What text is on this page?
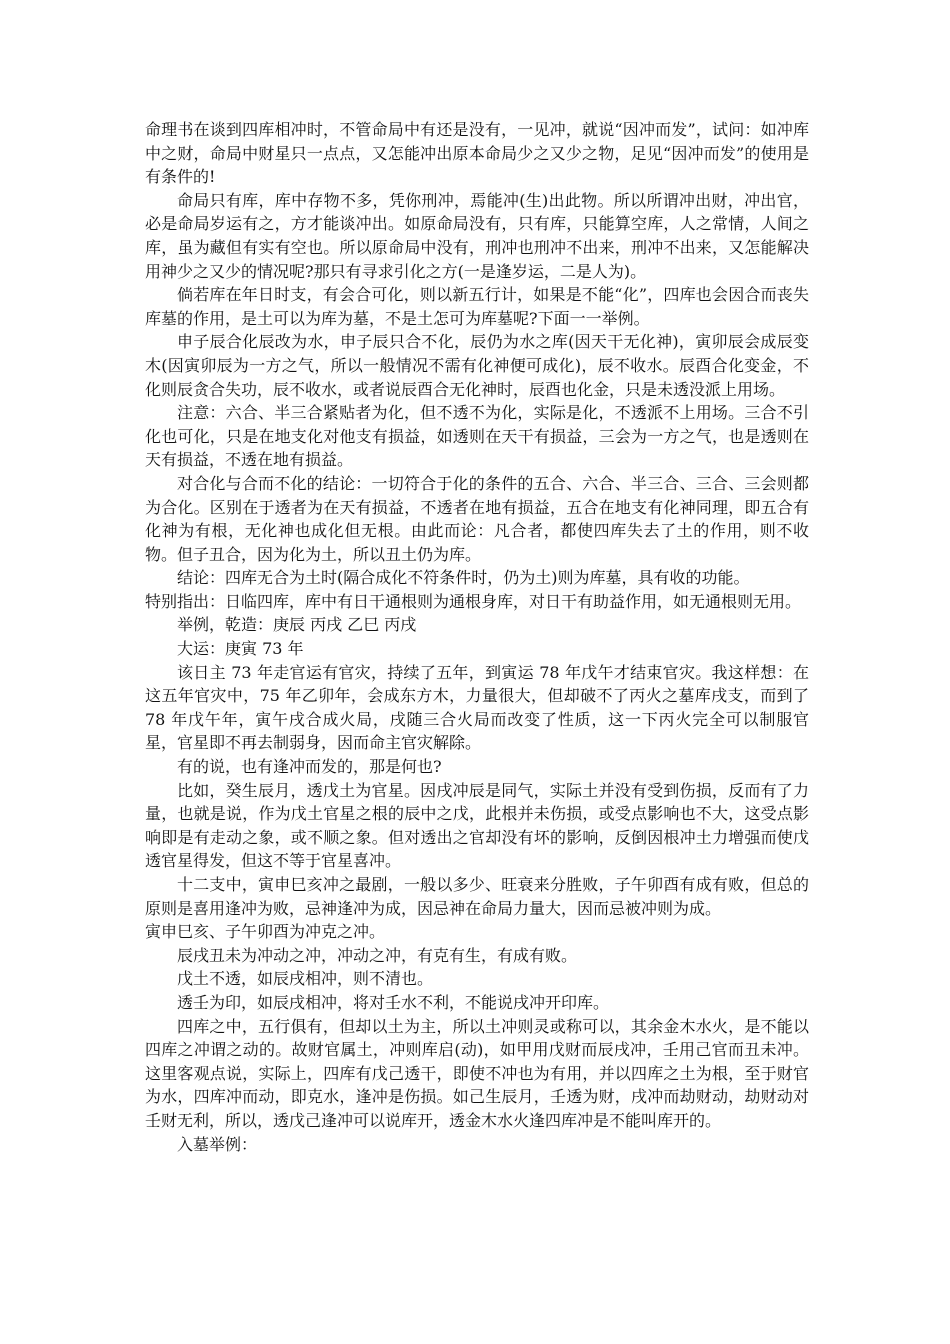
命理书在谈到四库相冲时，不管命局中有还是没有，一见冲，就说“因冲而发”，试问：如冲库中之财，命局中财星只一点点，又怎能冲出原本命局少之又少之物，足见“因冲而发”的使用是有条件的!

命局只有库，库中存物不多，凭你刑冲，焉能冲(生)出此物。所以所谓冲出财，冲出官，必是命局岁运有之，方才能谈冲出。如原命局没有，只有库，只能算空库，人之常情，人间之库，虽为藏但有实有空也。所以原命局中没有，刑冲也刑冲不出来，刑冲不出来，又怎能解决用神少之又少的情况呢?那只有寻求引化之方(一是逢岁运，二是人为)。

倘若库在年日时支，有会合可化，则以新五行计，如果是不能“化”，四库也会因合而丧失库墓的作用，是土可以为库为墓，不是土怎可为库墓呢?下面一一举例。

申子辰合化辰改为水，申子辰只合不化，辰仍为水之库(因天干无化神)，寅卯辰会成辰变木(因寅卯辰为一方之气，所以一般情况不需有化神便可成化)，辰不收水。辰酉合化变金，不化则辰贪合失功，辰不收水，或者说辰酉合无化神时，辰酉也化金，只是未透没派上用场。

注意：六合、半三合紧贴者为化，但不透不为化，实际是化，不透派不上用场。三合不引化也可化，只是在地支化对他支有损益，如透则在天干有损益，三会为一方之气，也是透则在天有损益，不透在地有损益。

对合化与合而不化的结论：一切符合于化的条件的五合、六合、半三合、三合、三会则都为合化。区别在于透者为在天有损益，不透者在地有损益，五合在地支有化神同理，即五合有化神为有根，无化神也成化但无根。由此而论：凡合者，都使四库失去了土的作用，则不收物。但子丑合，因为化为土，所以丑土仍为库。

结论：四库无合为土时(隔合成化不符条件时，仍为土)则为库墓，具有收的功能。

特别指出：日临四库，库中有日干通根则为通根身库，对日干有助益作用，如无通根则无用。

举例，乾造：庚辰 丙戌 乙巳 丙戌

大运：庚寅 73 年

该日主 73 年走官运有官灾，持续了五年，到寅运 78 年戊午才结束官灾。我这样想：在这五年官灾中，75 年乙卯年，会成东方木，力量很大，但却破不了丙火之墓库戌支，而到了 78 年戊午年，寅午戌合成火局，戌随三合火局而改变了性质，这一下丙火完全可以制服官星，官星即不再去制弱身，因而命主官灾解除。

有的说，也有逢冲而发的，那是何也?

比如，癸生辰月，透戊土为官星。因戌冲辰是同气，实际土并没有受到伤损，反而有了力量，也就是说，作为戊土官星之根的辰中之戊，此根并未伤损，或受点影响也不大，这受点影响即是有走动之象，或不顺之象。但对透出之官却没有坏的影响，反倒因根冲土力增强而使戊透官星得发，但这不等于官星喜冲。

十二支中，寅申巳亥冲之最剧，一般以多少、旺衰来分胜败，子午卯酉有成有败，但总的原则是喜用逢冲为败，忌神逢冲为成，因忌神在命局力量大，因而忌被冲则为成。

寅申巳亥、子午卯酉为冲克之冲。

辰戌丑未为冲动之冲，冲动之冲，有克有生，有成有败。

戊土不透，如辰戌相冲，则不清也。

透壬为印，如辰戌相冲，将对壬水不利，不能说戌冲开印库。

四库之中，五行俱有，但却以土为主，所以土冲则灵或称可以，其余金木水火，是不能以四库之冲谓之动的。故财官属土，冲则库启(动)，如甲用戊财而辰戌冲，壬用己官而丑未冲。这里客观点说，实际上，四库有戊己透干，即使不冲也为有用，并以四库之土为根，至于财官为水，四库冲而动，即克水，逢冲是伤损。如己生辰月，壬透为财，戌冲而劫财动，劫财动对壬财无利，所以，透戊己逢冲可以说库开，透金木水火逢四库冲是不能叫库开的。

入墓举例：
